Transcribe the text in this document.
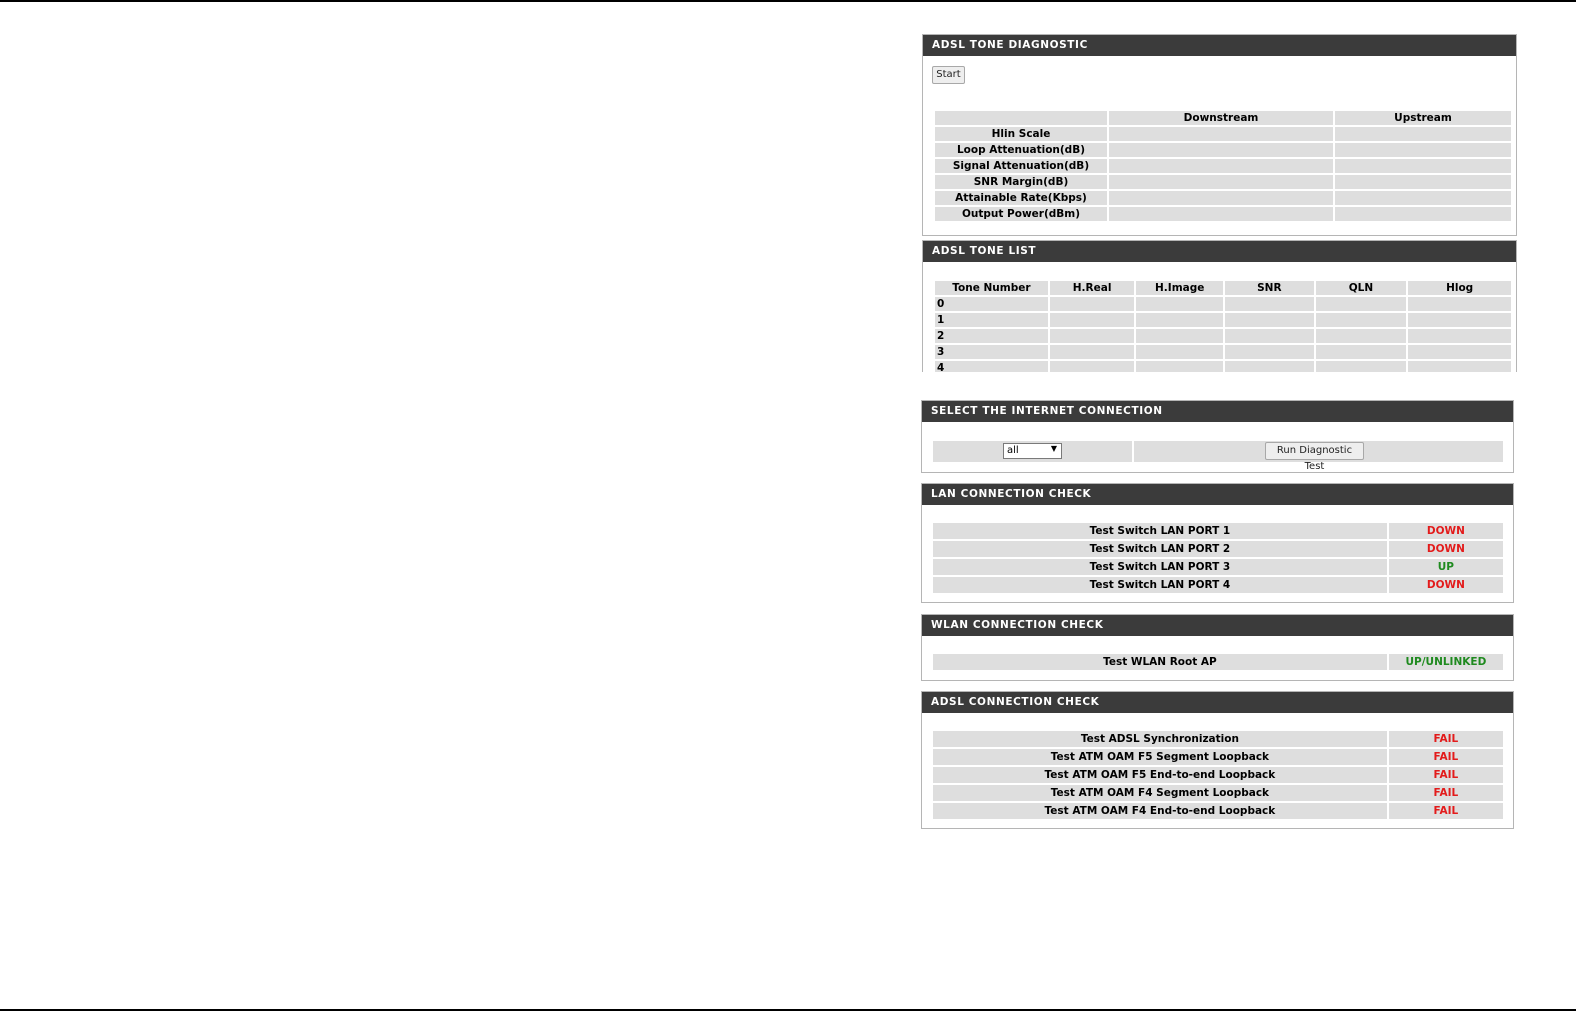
ADSL TONE DIAGNOSTIC
Start
	Downstream	Upstream
Hlin Scale		
Loop Attenuation(dB)		
Signal Attenuation(dB)		
SNR Margin(dB)		
Attainable Rate(Kbps)		
Output Power(dBm)		
ADSL TONE LIST
Tone Number	H.Real	H.Image	SNR	QLN	Hlog
0					
1					
2					
3					
4					
SELECT THE INTERNET CONNECTION

all	▼	Run Diagnostic Test
LAN CONNECTION CHECK
Test Switch LAN PORT 1	DOWN
Test Switch LAN PORT 2	DOWN
Test Switch LAN PORT 3	UP
Test Switch LAN PORT 4	DOWN
WLAN CONNECTION CHECK
Test WLAN Root AP	UP/UNLINKED
ADSL CONNECTION CHECK
Test ADSL Synchronization	FAIL
Test ATM OAM F5 Segment Loopback	FAIL
Test ATM OAM F5 End-to-end Loopback	FAIL
Test ATM OAM F4 Segment Loopback	FAIL
Test ATM OAM F4 End-to-end Loopback	FAIL
